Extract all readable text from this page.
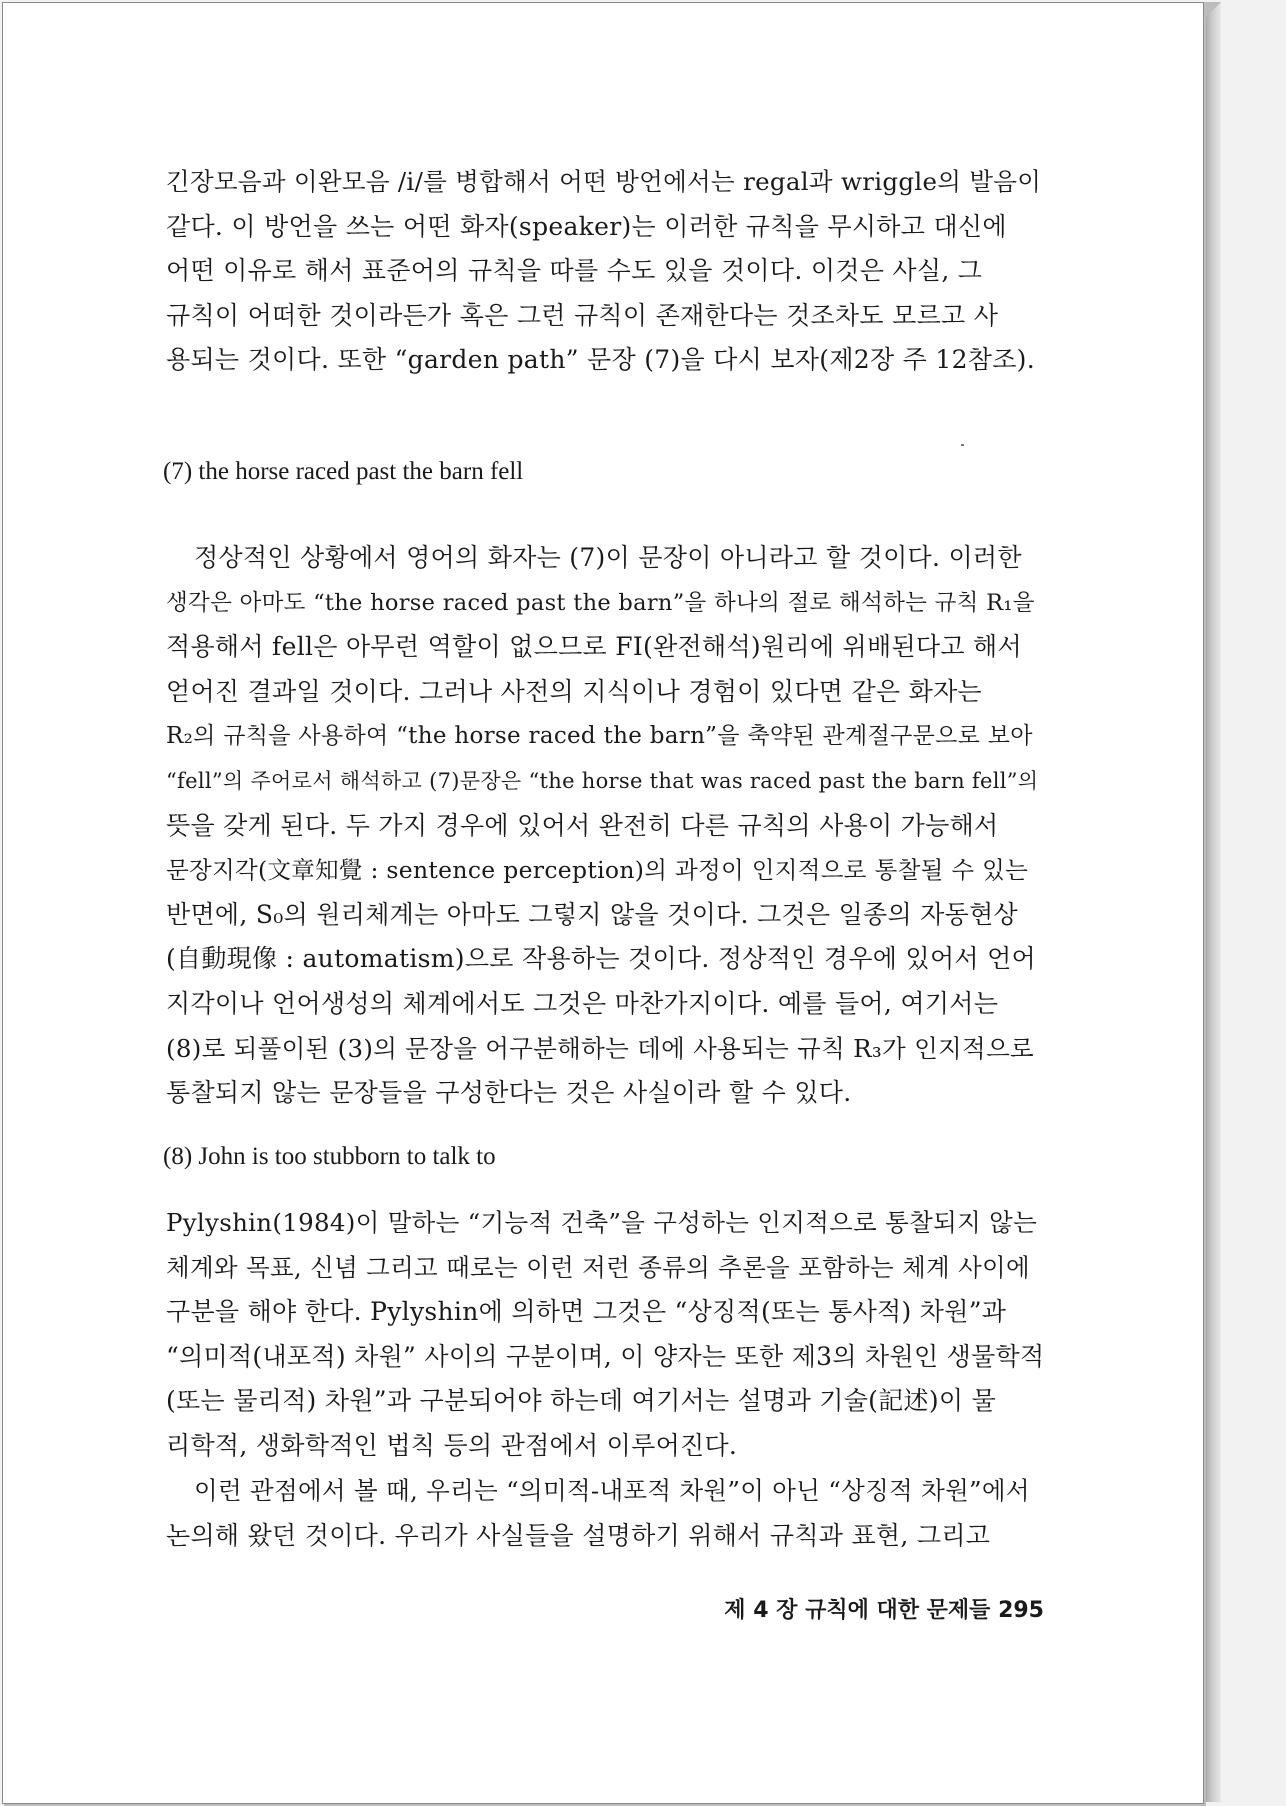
긴장모음과 이완모음 /i/를 병합해서 어떤 방언에서는 regal과 wriggle의 발음이
같다. 이 방언을 쓰는 어떤 화자(speaker)는 이러한 규칙을 무시하고 대신에
어떤 이유로 해서 표준어의 규칙을 따를 수도 있을 것이다. 이것은 사실, 그
규칙이 어떠한 것이라든가 혹은 그런 규칙이 존재한다는 것조차도 모르고 사
용되는 것이다. 또한 “garden path” 문장 (7)을 다시 보자(제2장 주 12참조).

(7) the horse raced past the barn fell

정상적인 상황에서 영어의 화자는 (7)이 문장이 아니라고 할 것이다. 이러한
생각은 아마도 “the horse raced past the barn”을 하나의 절로 해석하는 규칙 R₁을
적용해서 fell은 아무런 역할이 없으므로 FI(완전해석)원리에 위배된다고 해서
얻어진 결과일 것이다. 그러나 사전의 지식이나 경험이 있다면 같은 화자는
R₂의 규칙을 사용하여 “the horse raced the barn”을 축약된 관계절구문으로 보아
“fell”의 주어로서 해석하고 (7)문장은 “the horse that was raced past the barn fell”의
뜻을 갖게 된다. 두 가지 경우에 있어서 완전히 다른 규칙의 사용이 가능해서
문장지각(文章知覺 : sentence perception)의 과정이 인지적으로 통찰될 수 있는
반면에, S₀의 원리체계는 아마도 그렇지 않을 것이다. 그것은 일종의 자동현상
(自動現像 : automatism)으로 작용하는 것이다. 정상적인 경우에 있어서 언어
지각이나 언어생성의 체계에서도 그것은 마찬가지이다. 예를 들어, 여기서는
(8)로 되풀이된 (3)의 문장을 어구분해하는 데에 사용되는 규칙 R₃가 인지적으로
통찰되지 않는 문장들을 구성한다는 것은 사실이라 할 수 있다.

(8) John is too stubborn to talk to

Pylyshin(1984)이 말하는 “기능적 건축”을 구성하는 인지적으로 통찰되지 않는
체계와 목표, 신념 그리고 때로는 이런 저런 종류의 추론을 포함하는 체계 사이에
구분을 해야 한다. Pylyshin에 의하면 그것은 “상징적(또는 통사적) 차원”과
“의미적(내포적) 차원” 사이의 구분이며, 이 양자는 또한 제3의 차원인 생물학적
(또는 물리적) 차원”과 구분되어야 하는데 여기서는 설명과 기술(記述)이 물
리학적, 생화학적인 법칙 등의 관점에서 이루어진다.
이런 관점에서 볼 때, 우리는 “의미적-내포적 차원”이 아닌 “상징적 차원”에서
논의해 왔던 것이다. 우리가 사실들을 설명하기 위해서 규칙과 표현, 그리고
제 4 장 규칙에 대한 문제들 295
